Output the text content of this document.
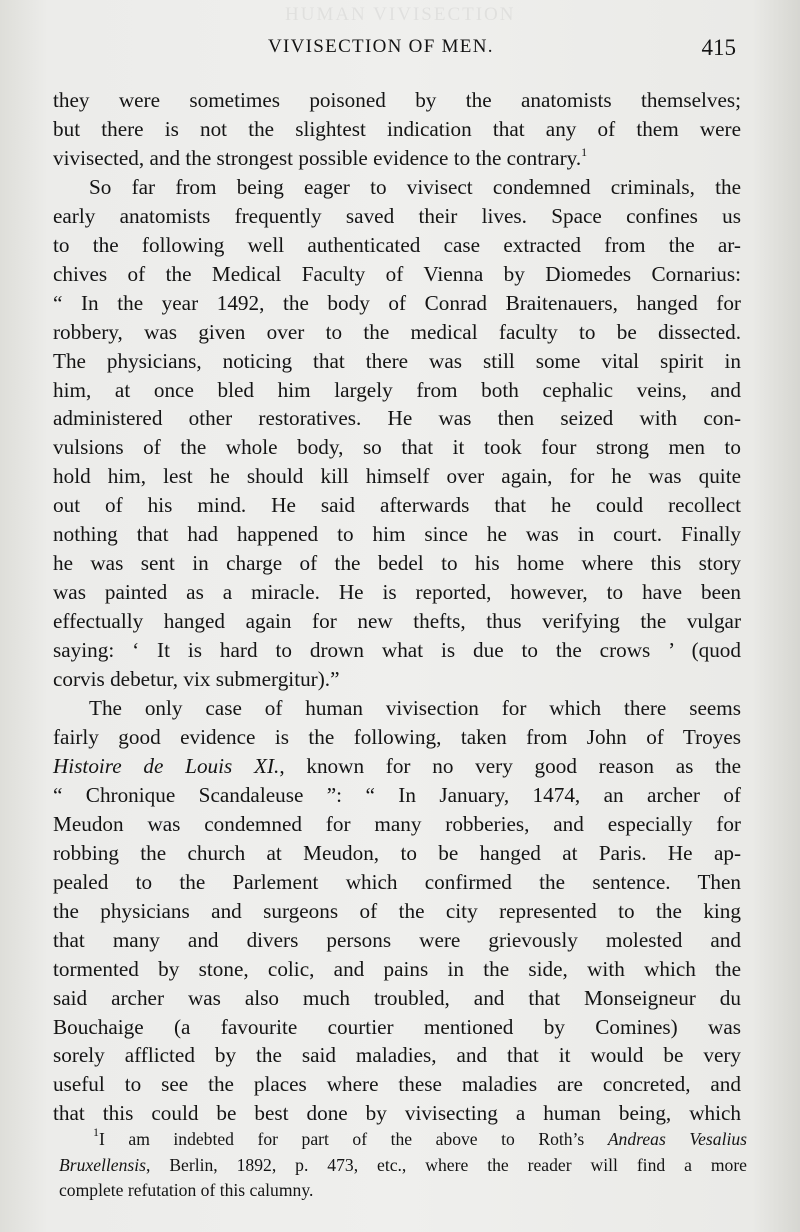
HUMAN VIVISECTION
VIVISECTION OF MEN.	415

they were sometimes poisoned by the anatomists themselves;

but there is not the slightest indication that any of them were

vivisected, and the strongest possible evidence to the contrary.$^1$

So far from being eager to vivisect condemned criminals, the

early anatomists frequently saved their lives. Space confines us

to the following well authenticated case extracted from the ar-

chives of the Medical Faculty of Vienna by Diomedes Cornarius:

“ In the year 1492, the body of Conrad Braitenauers, hanged for

robbery, was given over to the medical faculty to be dissected.

The physicians, noticing that there was still some vital spirit in

him, at once bled him largely from both cephalic veins, and

administered other restoratives. He was then seized with con-

vulsions of the whole body, so that it took four strong men to

hold him, lest he should kill himself over again, for he was quite

out of his mind. He said afterwards that he could recollect

nothing that had happened to him since he was in court. Finally

he was sent in charge of the bedel to his home where this story

was painted as a miracle. He is reported, however, to have been

effectually hanged again for new thefts, thus verifying the vulgar

saying: ‘ It is hard to drown what is due to the crows ’ (quod

corvis debetur, vix submergitur).”

The only case of human vivisection for which there seems

fairly good evidence is the following, taken from John of Troyes

Histoire de Louis XI., known for no very good reason as the

“ Chronique Scandaleuse ”: “ In January, 1474, an archer of

Meudon was condemned for many robberies, and especially for

robbing the church at Meudon, to be hanged at Paris. He ap-

pealed to the Parlement which confirmed the sentence. Then

the physicians and surgeons of the city represented to the king

that many and divers persons were grievously molested and

tormented by stone, colic, and pains in the side, with which the

said archer was also much troubled, and that Monseigneur du

Bouchaige (a favourite courtier mentioned by Comines) was

sorely afflicted by the said maladies, and that it would be very

useful to see the places where these maladies are concreted, and

that this could be best done by vivisecting a human being, which

$^1$I am indebted for part of the above to Roth’s Andreas Vesalius

Bruxellensis, Berlin, 1892, p. 473, etc., where the reader will find a more

complete refutation of this calumny.
